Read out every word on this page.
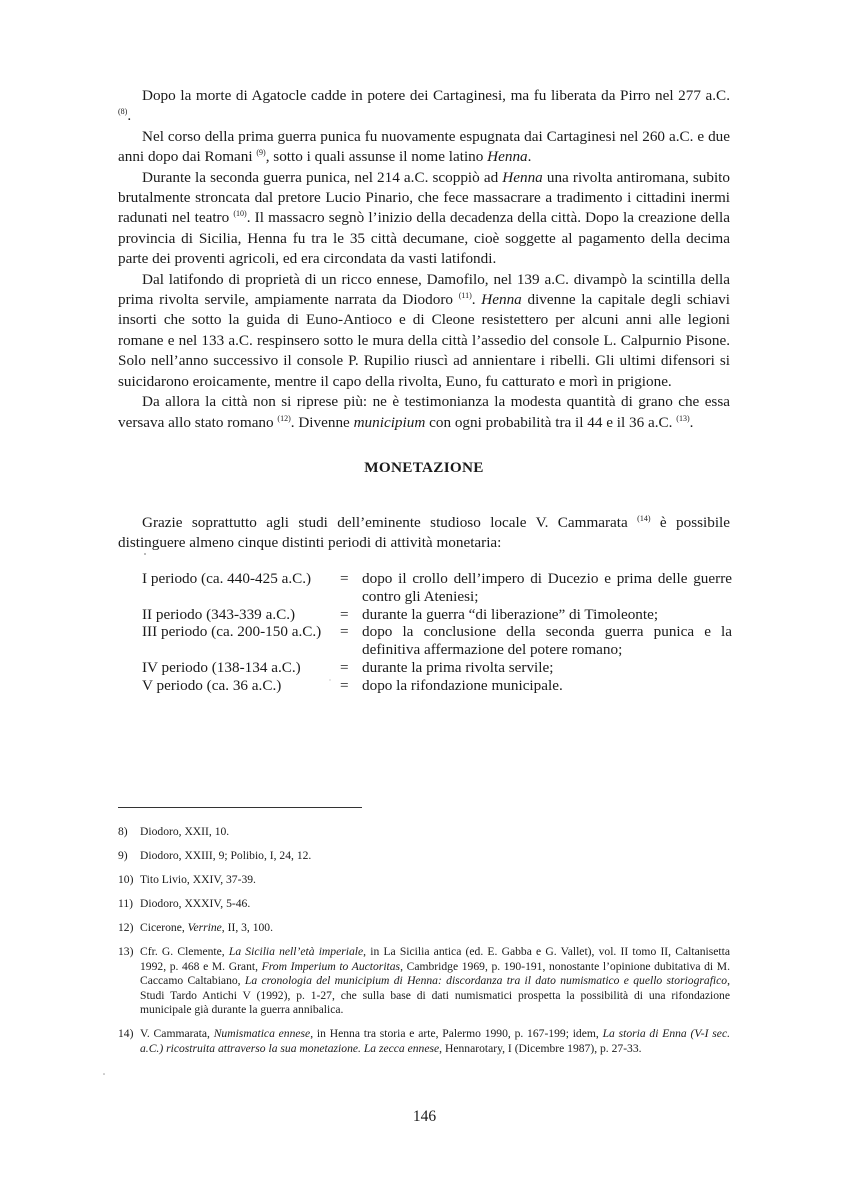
Dopo la morte di Agatocle cadde in potere dei Cartaginesi, ma fu liberata da Pirro nel 277 a.C. $^{(8)}$.

Nel corso della prima guerra punica fu nuovamente espugnata dai Cartaginesi nel 260 a.C. e due anni dopo dai Romani $^{(9)}$, sotto i quali assunse il nome latino Henna.

Durante la seconda guerra punica, nel 214 a.C. scoppiò ad Henna una rivolta antiromana, subito brutalmente stroncata dal pretore Lucio Pinario, che fece massacrare a tradimento i cittadini inermi radunati nel teatro $^{(10)}$. Il massacro segnò l’inizio della decadenza della città. Dopo la creazione della provincia di Sicilia, Henna fu tra le 35 città decumane, cioè soggette al pagamento della decima parte dei proventi agricoli, ed era circondata da vasti latifondi.

Dal latifondo di proprietà di un ricco ennese, Damofilo, nel 139 a.C. divampò la scintilla della prima rivolta servile, ampiamente narrata da Diodoro $^{(11)}$. Henna divenne la capitale degli schiavi insorti che sotto la guida di Euno-Antioco e di Cleone resistettero per alcuni anni alle legioni romane e nel 133 a.C. respinsero sotto le mura della città l’assedio del console L. Calpurnio Pisone. Solo nell’anno successivo il console P. Rupilio riuscì ad annientare i ribelli. Gli ultimi difensori si suicidarono eroicamente, mentre il capo della rivolta, Euno, fu catturato e morì in prigione.

Da allora la città non si riprese più: ne è testimonianza la modesta quantità di grano che essa versava allo stato romano $^{(12)}$. Divenne municipium con ogni probabilità tra il 44 e il 36 a.C. $^{(13)}$.

MONETAZIONE

Grazie soprattutto agli studi dell’eminente studioso locale V. Cammarata $^{(14)}$ è possibile distinguere almeno cinque distinti periodi di attività monetaria:

I periodo (ca. 440-425 a.C.)	= dopo il crollo dell’impero di Ducezio e prima delle guerre contro gli Ateniesi;
II periodo (343-339 a.C.)	= durante la guerra “di liberazione” di Timoleonte;
III periodo (ca. 200-150 a.C.)	= dopo la conclusione della seconda guerra punica e la definitiva affermazione del potere romano;
IV periodo (138-134 a.C.)	= durante la prima rivolta servile;
V periodo (ca. 36 a.C.)	= dopo la rifondazione municipale.
8)	Diodoro, XXII, 10.
9)	Diodoro, XXIII, 9; Polibio, I, 24, 12.
10) Tito Livio, XXIV, 37-39.
11) Diodoro, XXXIV, 5-46.
12) Cicerone, Verrine, II, 3, 100.
13) Cfr. G. Clemente, La Sicilia nell’età imperiale, in La Sicilia antica (ed. E. Gabba e G. Vallet), vol. II tomo II, Caltanisetta 1992, p. 468 e M. Grant, From Imperium to Auctoritas, Cambridge 1969, p. 190-191, nonostante l’opinione dubitativa di M. Caccamo Caltabiano, La cronologia del municipium di Henna: discordanza tra il dato numismatico e quello storiografico, Studi Tardo Antichi V (1992), p. 1-27, che sulla base di dati numismatici prospetta la possibilità di una rifondazione municipale già durante la guerra annibalica.
14) V. Cammarata, Numismatica ennese, in Henna tra storia e arte, Palermo 1990, p. 167-199; idem, La storia di Enna (V-I sec. a.C.) ricostruita attraverso la sua monetazione. La zecca ennese, Hennarotary, I (Dicembre 1987), p. 27-33.
146
